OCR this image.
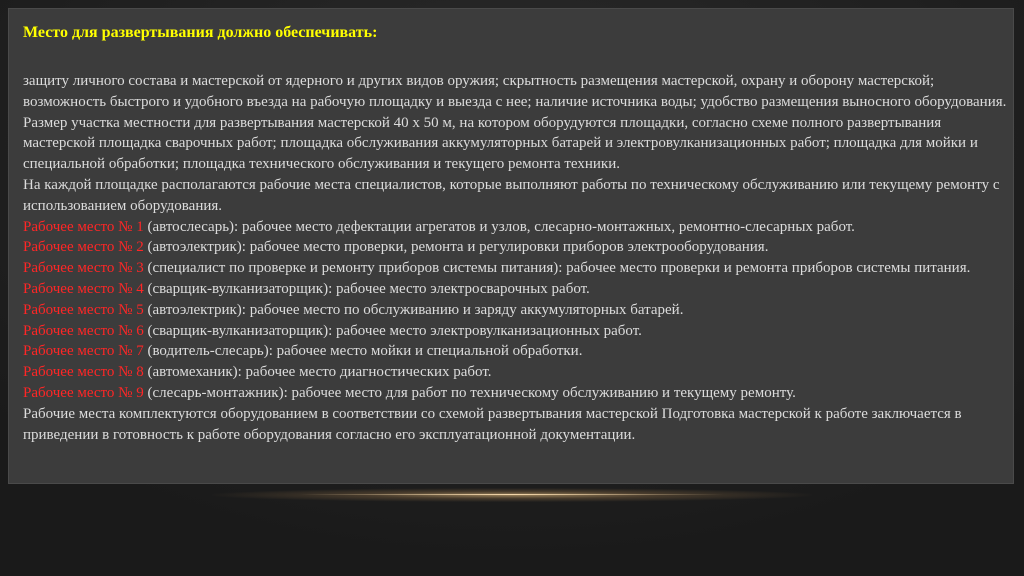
Место для развертывания должно обеспечивать:

защиту личного состава и мастерской от ядерного и других видов оружия; скрытность размещения мастерской, охрану и оборону мастерской; возможность быстрого и удобного въезда на рабочую площадку и выезда с нее; наличие источника воды; удобство размещения выносного оборудования.

Размер участка местности для развертывания мастерской 40 х 50 м, на котором оборудуются площадки, согласно схеме полного развертывания мастерской площадка сварочных работ; площадка обслуживания аккумуляторных батарей и электровулканизационных работ; площадка для мойки и специальной обработки; площадка технического обслуживания и текущего ремонта техники.

На каждой площадке располагаются рабочие места специалистов, которые выполняют работы по техническому обслуживанию или текущему ремонту с использованием оборудования.

Рабочее место № 1 (автослесарь): рабочее место дефектации агрегатов и узлов, слесарно-монтажных, ремонтно-слесарных работ.

Рабочее место № 2 (автоэлектрик): рабочее место проверки, ремонта и регулировки приборов электрооборудования.

Рабочее место № 3 (специалист по проверке и ремонту приборов системы питания): рабочее место проверки и ремонта приборов системы питания.

Рабочее место № 4 (сварщик-вулканизаторщик): рабочее место электросварочных работ.

Рабочее место № 5 (автоэлектрик): рабочее место по обслуживанию и заряду аккумуляторных батарей.

Рабочее место № 6 (сварщик-вулканизаторщик): рабочее место электровулканизационных работ.

Рабочее место № 7 (водитель-слесарь): рабочее место мойки и специальной обработки.

Рабочее место № 8 (автомеханик): рабочее место диагностических работ.

Рабочее место № 9 (слесарь-монтажник): рабочее место для работ по техническому обслуживанию и текущему ремонту.

Рабочие места комплектуются оборудованием в соответствии со схемой развертывания мастерской Подготовка мастерской к работе заключается в приведении в готовность к работе оборудования согласно его эксплуатационной документации.
